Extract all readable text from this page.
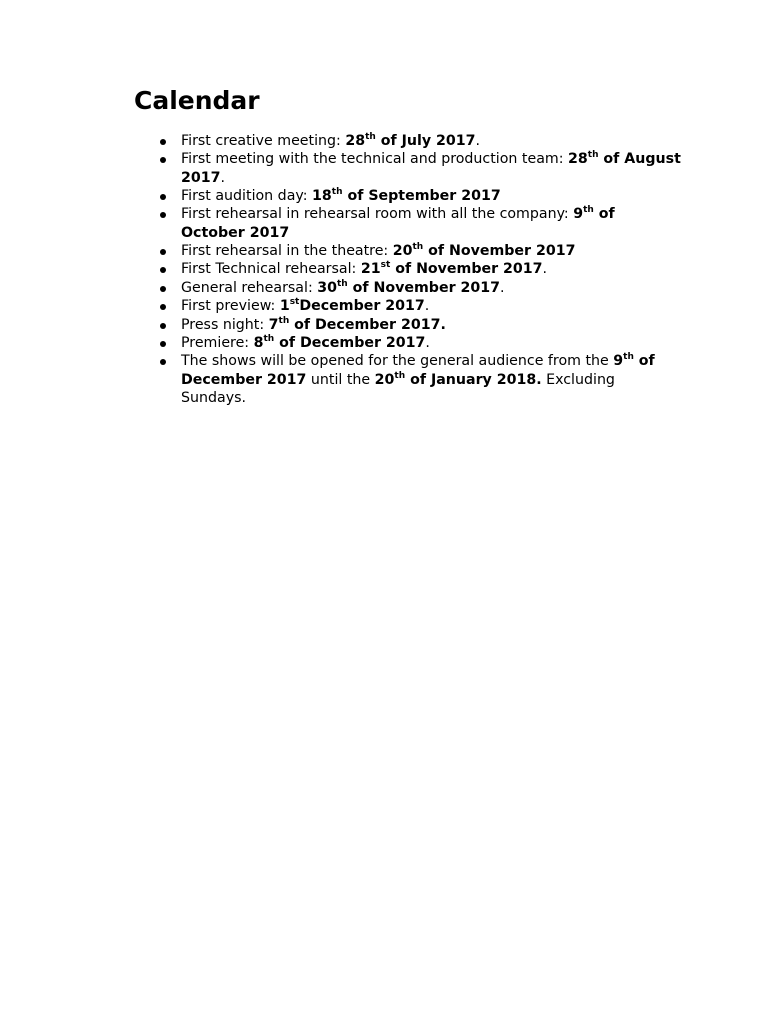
Calendar
First creative meeting: 28th of July 2017.
First meeting with the technical and production team: 28th of August 2017.
First audition day: 18th of September 2017
First rehearsal in rehearsal room with all the company: 9th of October 2017
First rehearsal in the theatre: 20th of November 2017
First Technical rehearsal: 21st of November 2017.
General rehearsal: 30th of November 2017.
First preview: 1stDecember 2017.
Press night: 7th of December 2017.
Premiere: 8th of December 2017.
The shows will be opened for the general audience from the 9th of December 2017 until the 20th of January 2018. Excluding Sundays.
